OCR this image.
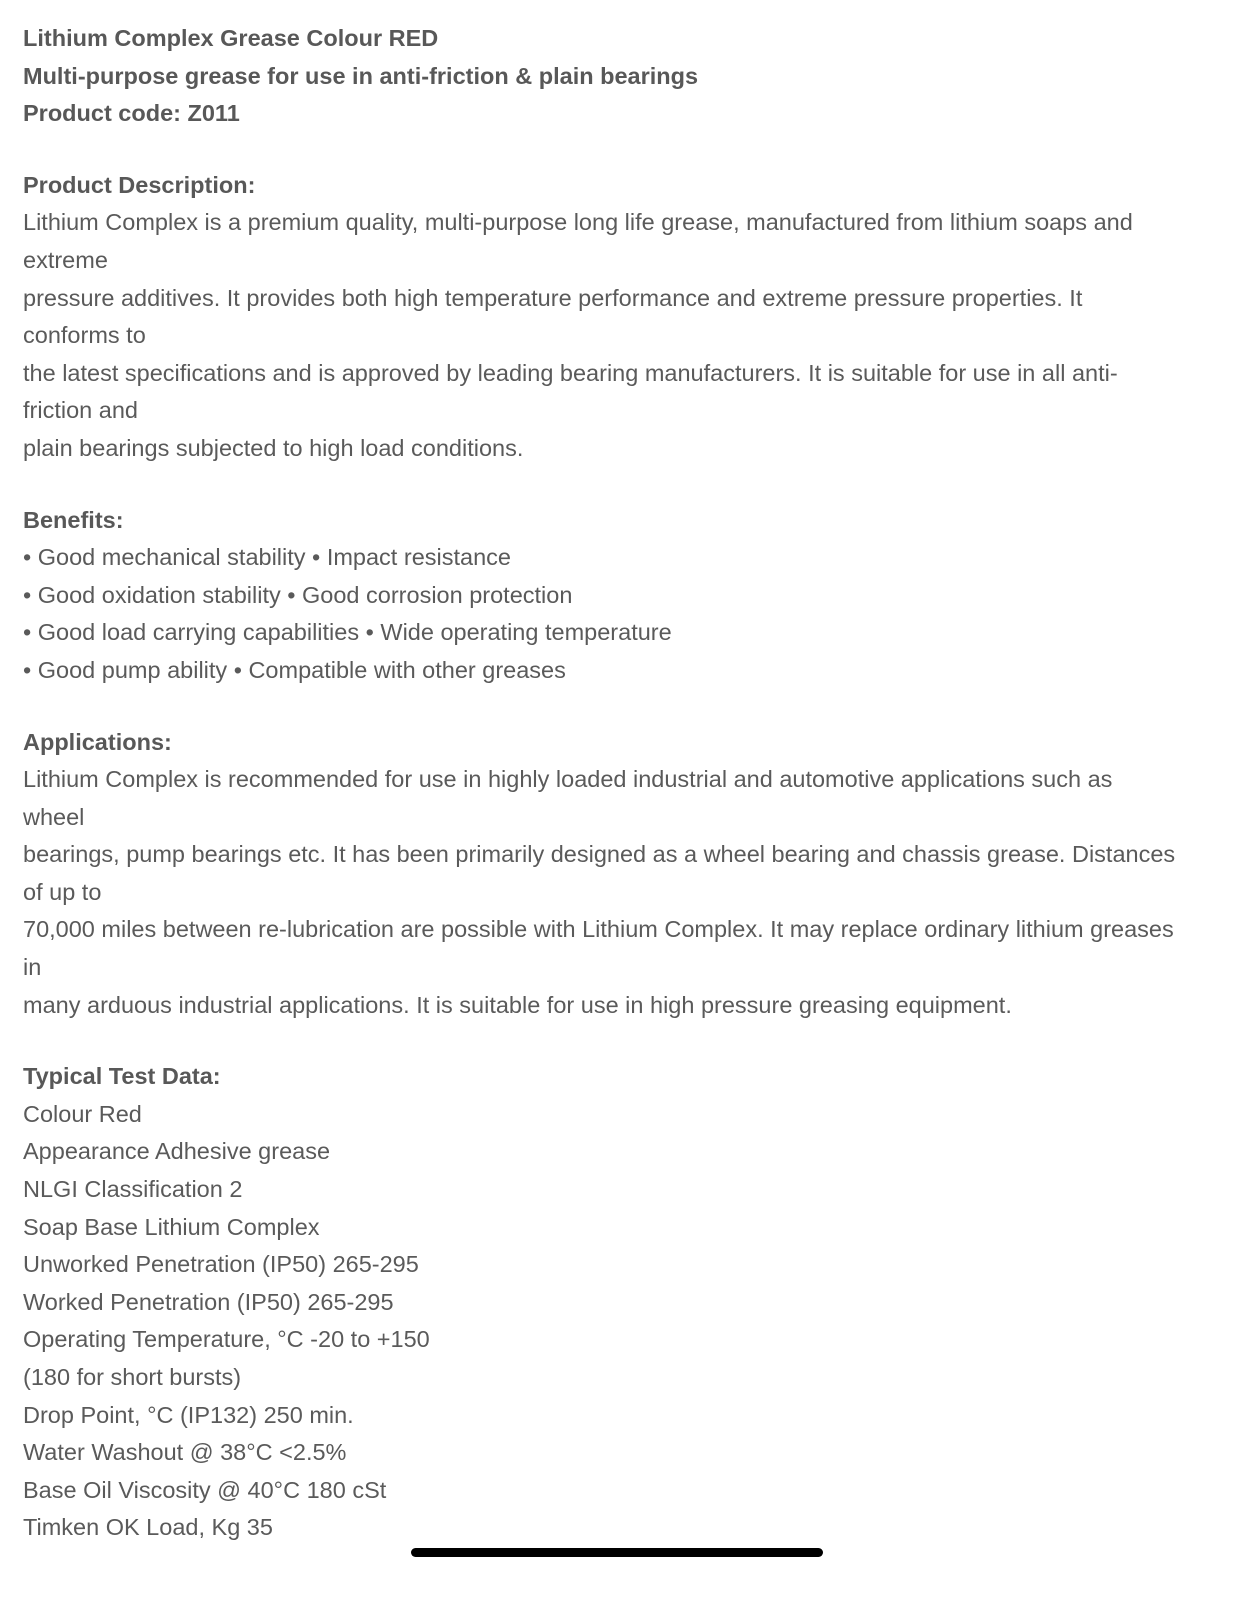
Lithium Complex Grease Colour RED
Multi-purpose grease for use in anti-friction & plain bearings
Product code: Z011
Product Description:
Lithium Complex is a premium quality, multi-purpose long life grease, manufactured from lithium soaps and
extreme
pressure additives. It provides both high temperature performance and extreme pressure properties. It
conforms to
the latest specifications and is approved by leading bearing manufacturers. It is suitable for use in all anti-
friction and
plain bearings subjected to high load conditions.
Benefits:
• Good mechanical stability • Impact resistance
• Good oxidation stability • Good corrosion protection
• Good load carrying capabilities • Wide operating temperature
• Good pump ability • Compatible with other greases
Applications:
Lithium Complex is recommended for use in highly loaded industrial and automotive applications such as
wheel
bearings, pump bearings etc. It has been primarily designed as a wheel bearing and chassis grease. Distances
of up to
70,000 miles between re-lubrication are possible with Lithium Complex. It may replace ordinary lithium greases
in
many arduous industrial applications. It is suitable for use in high pressure greasing equipment.
Typical Test Data:
Colour Red
Appearance Adhesive grease
NLGI Classification 2
Soap Base Lithium Complex
Unworked Penetration (IP50) 265-295
Worked Penetration (IP50) 265-295
Operating Temperature, °C -20 to +150
(180 for short bursts)
Drop Point, °C (IP132) 250 min.
Water Washout @ 38°C <2.5%
Base Oil Viscosity @ 40°C 180 cSt
Timken OK Load, Kg 35
